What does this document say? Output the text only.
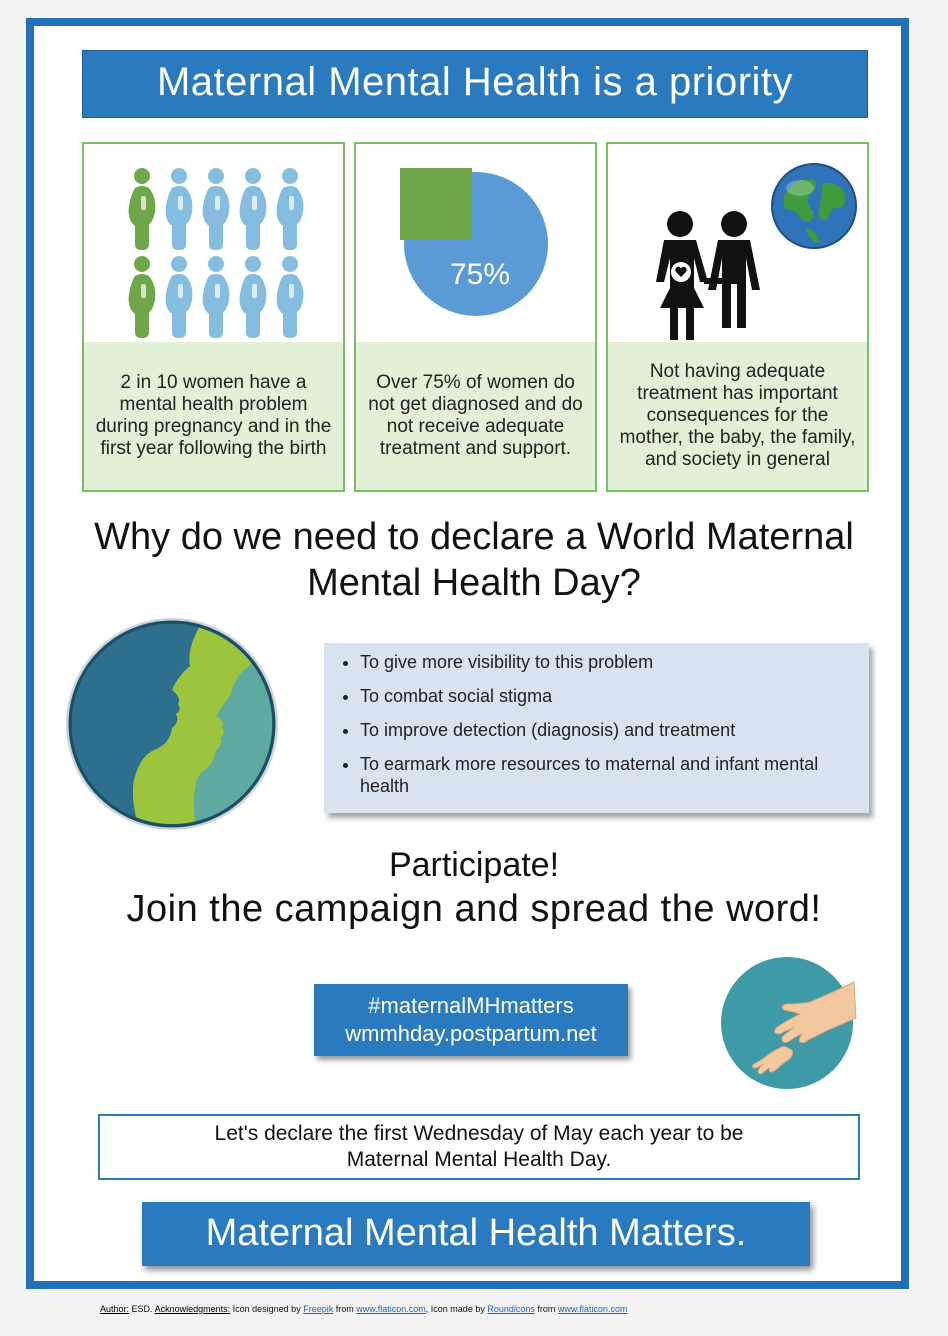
Maternal Mental Health is a priority
2 in 10 women have a mental health problem during pregnancy and in the first year following the birth
75%
Over 75% of women do not get diagnosed and do not receive adequate treatment and support.
Not having adequate treatment has important consequences for the mother, the baby, the family, and society in general
Why do we need to declare a World Maternal Mental Health Day?
• To give more visibility to this problem
• To combat social stigma
• To improve detection (diagnosis) and treatment
• To earmark more resources to maternal and infant mental health
Participate!
Join the campaign and spread the word!
#maternalMHmatters
wmmhday.postpartum.net
Let's declare the first Wednesday of May each year to be
Maternal Mental Health Day.
Maternal Mental Health Matters.
Author: ESD. Acknowledgments: Icon designed by Freepik from www.flaticon.com, Icon made by Roundicons from www.flaticon.com
